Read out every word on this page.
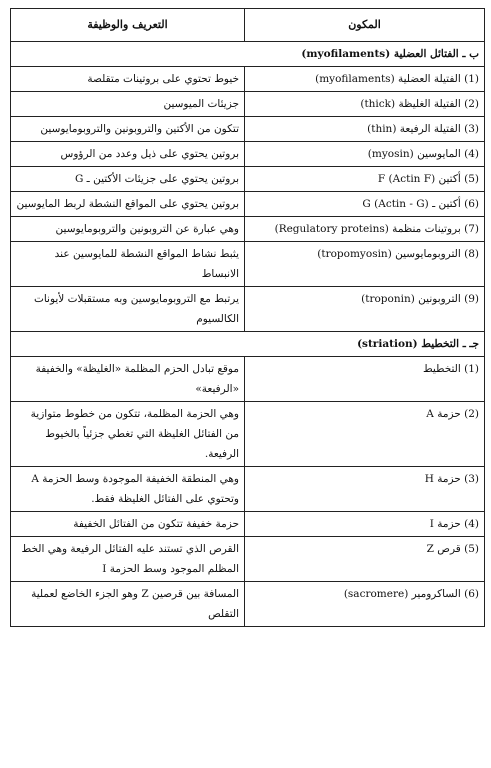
المكون	التعريف والوظيفة
ب ـ الفتائل العضلية (myofilaments)	
(1) الفتيلة العضلية (myofilaments)	خيوط تحتوي على بروتينات متقلصة
(2) الفتيلة الغليظة (thick)	جزيئات الميوسين
(3) الفتيلة الرفيعة (thin)	تتكون من الأكتين والتروبونين والتروبومايوسين
(4) المايوسين (myosin)	بروتين يحتوي على ذيل وعدد من الرؤوس
(5) أكتين F (Actin F)	بروتين يحتوي على جزيئات الأكتين ـ G
(6) أكتين ـ G (Actin - G)	بروتين يحتوي على المواقع النشطة لربط المايوسين
(7) بروتينات منظمة (Regulatory proteins)	وهي عبارة عن التروبونين والتروبومايوسين
(8) التروبومايوسين (tropomyosin)	يثبط نشاط المواقع النشطة للمايوسين عند الانبساط
(9) التروبونين (troponin)	يرتبط مع التروبومايوسين وبه مستقبلات لأيونات الكالسيوم
جـ ـ التخطيط (striation)	
(1) التخطيط	موقع تبادل الحزم المظلمة «الغليظة» والخفيفة «الرفيعة»
(2) حزمة A	وهي الحزمة المظلمة، تتكون من خطوط متوازية من الفتائل الغليظة التي تغطي جزئياً بالخيوط الرفيعة.
(3) حزمة H	وهي المنطقة الخفيفة الموجودة وسط الحزمة A وتحتوي على الفتائل الغليظة فقط.
(4) حزمة I	حزمة خفيفة تتكون من الفتائل الخفيفة
(5) قرص Z	القرص الذي تستند عليه الفتائل الرفيعة وهي الخط المظلم الموجود وسط الحزمة I
(6) الساكرومير (sacromere)	المسافة بين قرصين Z وهو الجزء الخاضع لعملية التقلص
